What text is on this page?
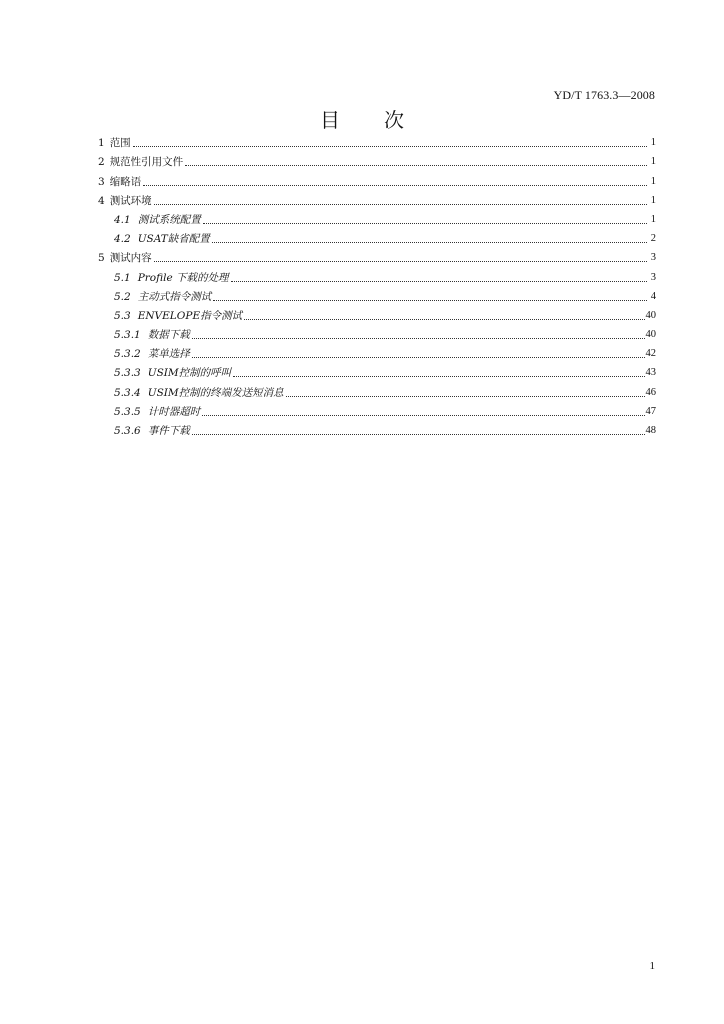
YD/T 1763.3—2008
目 次
1 范围	1
2 规范性引用文件	1
3 缩略语	1
4 测试环境	1
4.1 测试系统配置	1
4.2 USAT缺省配置	2
5 测试内容	3
5.1 Profile 下载的处理	3
5.2 主动式指令测试	4
5.3 ENVELOPE指令测试	40
5.3.1 数据下载	40
5.3.2 菜单选择	42
5.3.3 USIM控制的呼叫	43
5.3.4 USIM控制的终端发送短消息	46
5.3.5 计时器超时	47
5.3.6 事件下载	48
1
